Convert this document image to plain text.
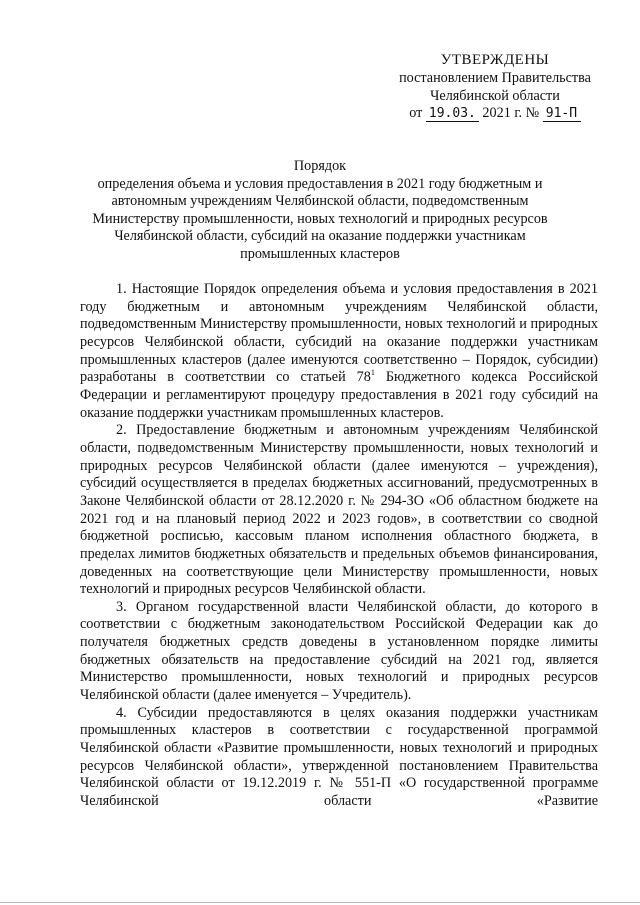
УТВЕРЖДЕНЫ
постановлением Правительства
Челябинской области
от 19.03. 2021 г. № 91-П
Порядок
определения объема и условия предоставления в 2021 году бюджетным и
автономным учреждениям Челябинской области, подведомственным
Министерству промышленности, новых технологий и природных ресурсов
Челябинской области, субсидий на оказание поддержки участникам
промышленных кластеров

1. Настоящие Порядок определения объема и условия предоставления в 2021 году бюджетным и автономным учреждениям Челябинской области, подведомственным Министерству промышленности, новых технологий и природных ресурсов Челябинской области, субсидий на оказание поддержки участникам промышленных кластеров (далее именуются соответственно – Порядок, субсидии) разработаны в соответствии со статьей $78^1$ Бюджетного кодекса Российской Федерации и регламентируют процедуру предоставления в 2021 году субсидий на оказание поддержки участникам промышленных кластеров.

2. Предоставление бюджетным и автономным учреждениям Челябинской области, подведомственным Министерству промышленности, новых технологий и природных ресурсов Челябинской области (далее именуются – учреждения), субсидий осуществляется в пределах бюджетных ассигнований, предусмотренных в Законе Челябинской области от 28.12.2020 г. № 294-ЗО «Об областном бюджете на 2021 год и на плановый период 2022 и 2023 годов», в соответствии со сводной бюджетной росписью, кассовым планом исполнения областного бюджета, в пределах лимитов бюджетных обязательств и предельных объемов финансирования, доведенных на соответствующие цели Министерству промышленности, новых технологий и природных ресурсов Челябинской области.

3. Органом государственной власти Челябинской области, до которого в соответствии с бюджетным законодательством Российской Федерации как до получателя бюджетных средств доведены в установленном порядке лимиты бюджетных обязательств на предоставление субсидий на 2021 год, является Министерство промышленности, новых технологий и природных ресурсов Челябинской области (далее именуется – Учредитель).

4. Субсидии предоставляются в целях оказания поддержки участникам промышленных кластеров в соответствии с государственной программой Челябинской области «Развитие промышленности, новых технологий и природных ресурсов Челябинской области», утвержденной постановлением Правительства Челябинской области от 19.12.2019 г. № 551-П «О государственной программе Челябинской области «Развитие
